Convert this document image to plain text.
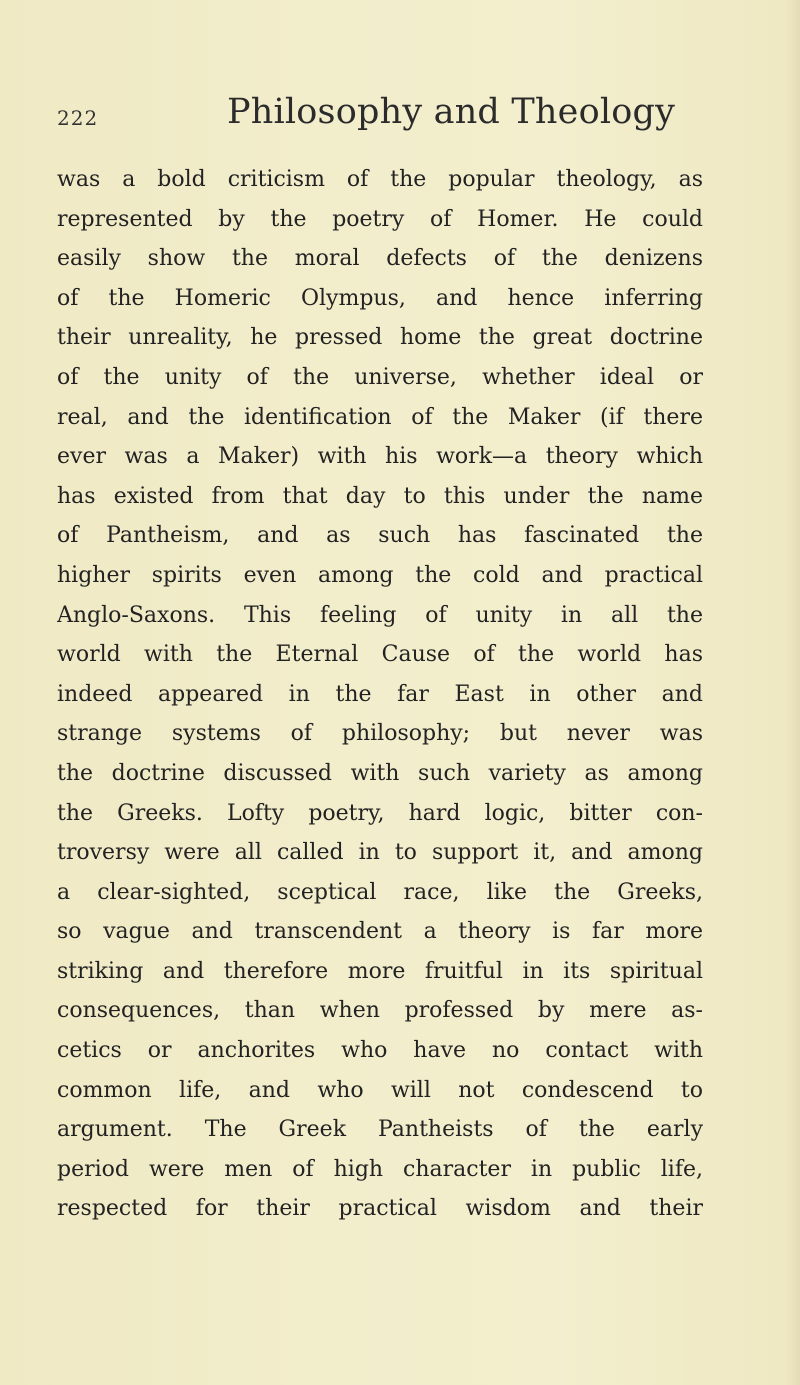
222	Philosophy and Theology
was a bold criticism of the popular theology, as
represented by the poetry of Homer. He could
easily show the moral defects of the denizens
of the Homeric Olympus, and hence inferring
their unreality, he pressed home the great doctrine
of the unity of the universe, whether ideal or
real, and the identification of the Maker (if there
ever was a Maker) with his work—a theory which
has existed from that day to this under the name
of Pantheism, and as such has fascinated the
higher spirits even among the cold and practical
Anglo-Saxons. This feeling of unity in all the
world with the Eternal Cause of the world has
indeed appeared in the far East in other and
strange systems of philosophy; but never was
the doctrine discussed with such variety as among
the Greeks. Lofty poetry, hard logic, bitter con-
troversy were all called in to support it, and among
a clear-sighted, sceptical race, like the Greeks,
so vague and transcendent a theory is far more
striking and therefore more fruitful in its spiritual
consequences, than when professed by mere as-
cetics or anchorites who have no contact with
common life, and who will not condescend to
argument. The Greek Pantheists of the early
period were men of high character in public life,
respected for their practical wisdom and their
